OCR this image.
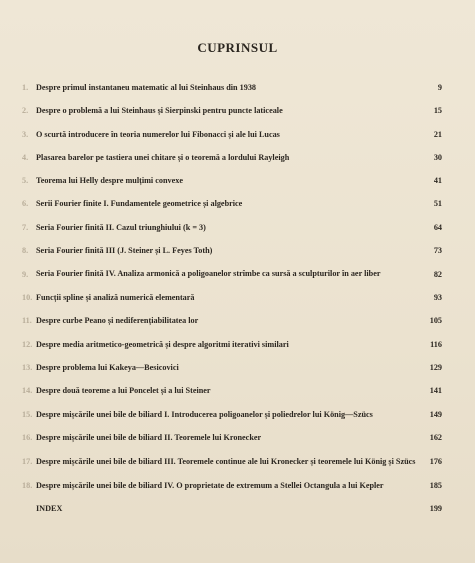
CUPRINSUL
1. Despre primul instantaneu matematic al lui Steinhaus din 1938	9
2. Despre o problemă a lui Steinhaus și Sierpinski pentru puncte laticeale	15
3. O scurtă introducere în teoria numerelor lui Fibonacci și ale lui Lucas	21
4. Plasarea barelor pe tastiera unei chitare și o teoremă a lordului Rayleigh	30
5. Teorema lui Helly despre mulțimi convexe	41
6. Serii Fourier finite I. Fundamentele geometrice și algebrice	51
7. Seria Fourier finită II. Cazul triunghiului (k = 3)	64
8. Seria Fourier finită III (J. Steiner și L. Feyes Toth)	73
9. Seria Fourier finită IV. Analiza armonică a poligoanelor strîmbe ca sursă a sculpturilor în aer liber	82
10. Funcții spline și analiză numerică elementară	93
11. Despre curbe Peano și nediferențiabilitatea lor	105
12. Despre media aritmetico-geometrică și despre algoritmi iterativi similari	116
13. Despre problema lui Kakeya—Besicovici	129
14. Despre două teoreme a lui Poncelet și a lui Steiner	141
15. Despre mișcările unei bile de biliard I. Introducerea poligoanelor și poliedrelor lui König—Szücs	149
16. Despre mișcările unei bile de biliard II. Teoremele lui Kronecker	162
17. Despre mișcările unei bile de biliard III. Teoremele continue ale lui Kronecker și teoremele lui König și Szücs	176
18. Despre mișcările unei bile de biliard IV. O proprietate de extremum a Stellei Octangula a lui Kepler	185
INDEX	199
